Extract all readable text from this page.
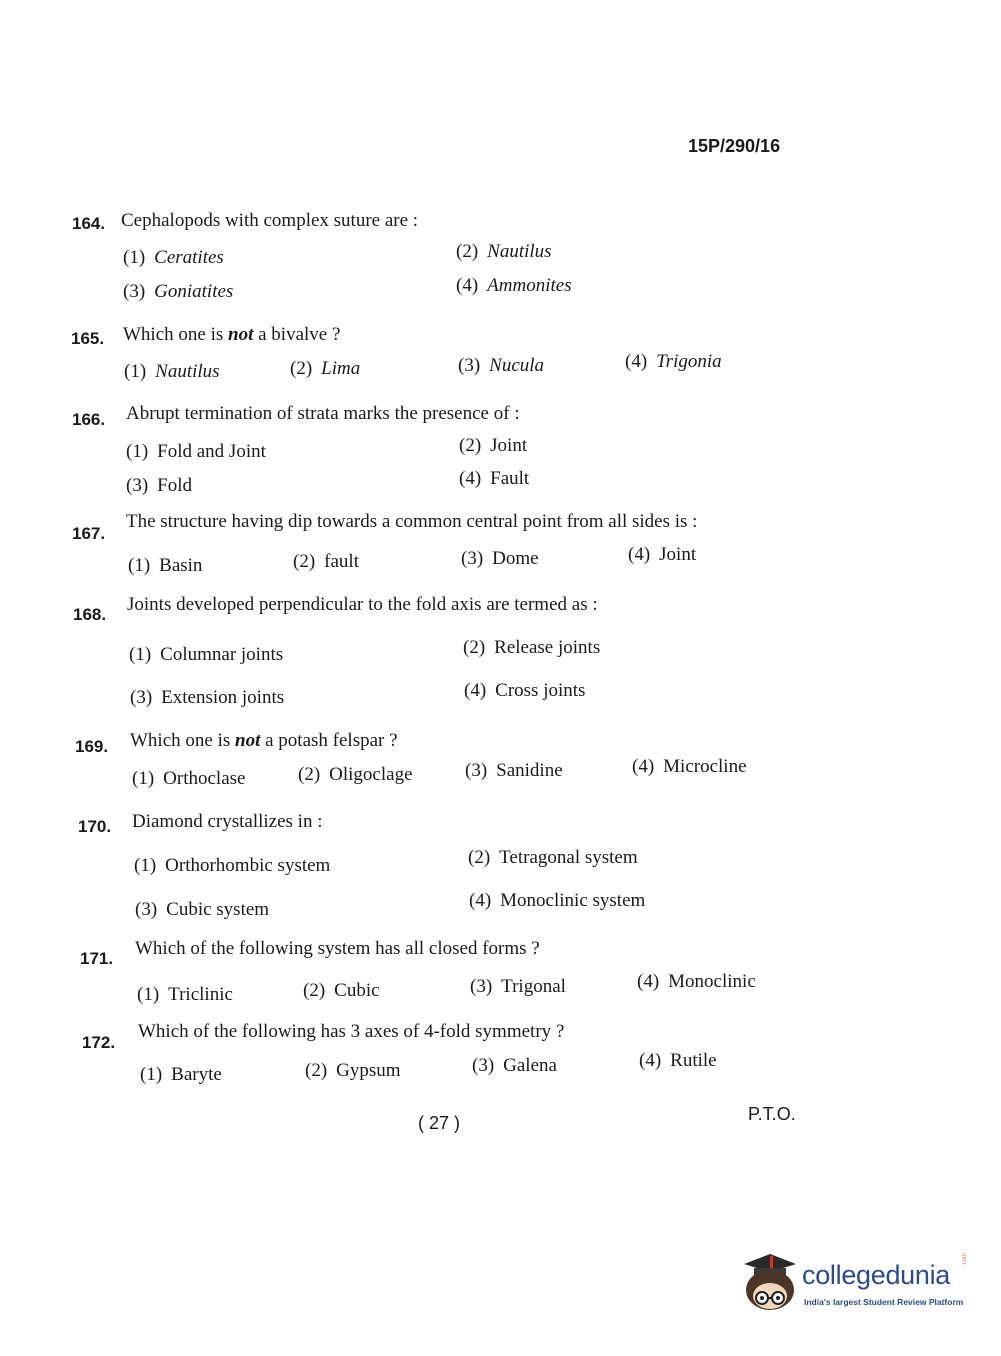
15P/290/16
164. Cephalopods with complex suture are :
(1) Ceratites	(2) Nautilus
(3) Goniatites	(4) Ammonites
165. Which one is not a bivalve ?
(1) Nautilus	(2) Lima	(3) Nucula	(4) Trigonia
166. Abrupt termination of strata marks the presence of :
(1) Fold and Joint	(2) Joint
(3) Fold	(4) Fault
167.
The structure having dip towards a common central point from all sides is :
(1) Basin	(2) fault	(3) Dome	(4) Joint
168. Joints developed perpendicular to the fold axis are termed as :
(1) Columnar joints	(2) Release joints
(3) Extension joints	(4) Cross joints
169. Which one is not a potash felspar ?
(1) Orthoclase	(2) Oligoclage	(3) Sanidine	(4) Microcline
170. Diamond crystallizes in :
(1) Orthorhombic system	(2) Tetragonal system
(3) Cubic system	(4) Monoclinic system
171. Which of the following system has all closed forms ?
(1) Triclinic	(2) Cubic	(3) Trigonal	(4) Monoclinic
172.
Which of the following has 3 axes of 4-fold symmetry ?
(1) Baryte	(2) Gypsum	(3) Galena	(4) Rutile
( 27 )	P.T.O.
collegedunia
.com
India's largest Student Review Platform
